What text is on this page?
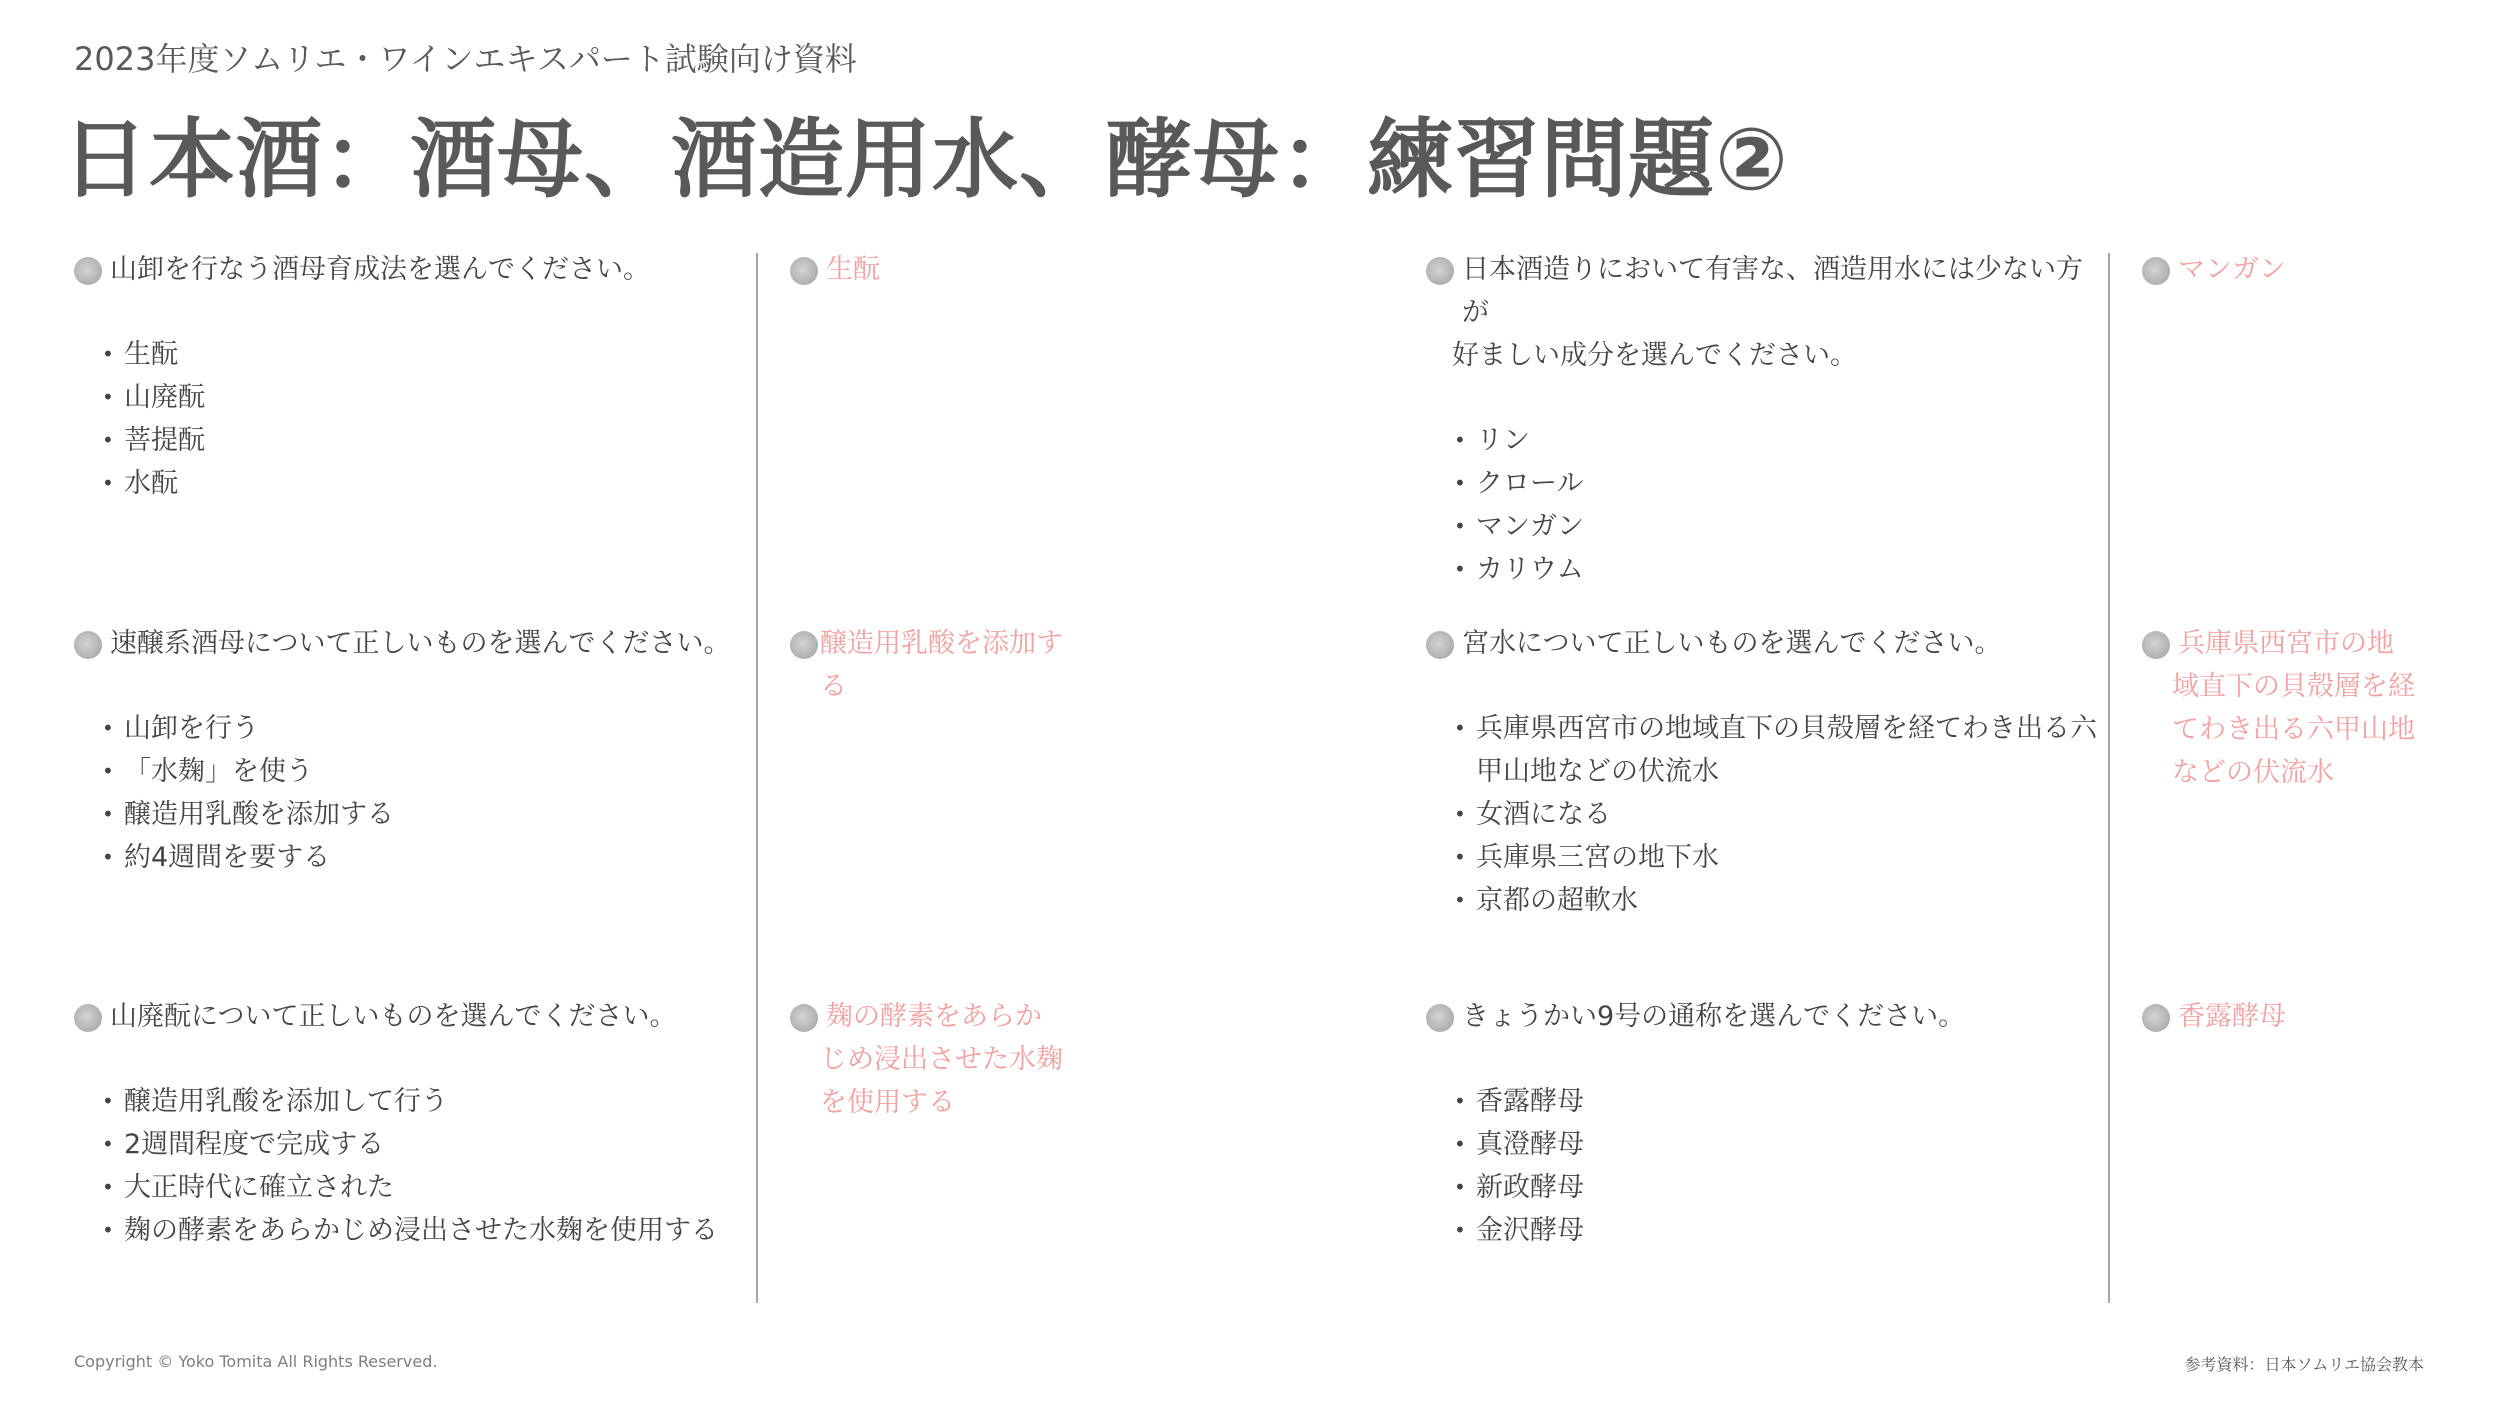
2023年度ソムリエ・ワインエキスパート試験向け資料
日本酒：酒母、酒造用水、酵母：練習問題②
山卸を行なう酒母育成法を選んでください。
• 生酛
• 山廃酛
• 菩提酛
• 水酛
生酛
速醸系酒母について正しいものを選んでください。
• 山卸を行う
• 「水麹」を使う
• 醸造用乳酸を添加する
• 約4週間を要する
醸造用乳酸を添加す
る
山廃酛について正しいものを選んでください。
• 醸造用乳酸を添加して行う
• 2週間程度で完成する
• 大正時代に確立された
• 麹の酵素をあらかじめ浸出させた水麹を使用する
麹の酵素をあらか
じめ浸出させた水麹
を使用する
日本酒造りにおいて有害な、酒造用水には少ない方が
好ましい成分を選んでください。
• リン
• クロール
• マンガン
• カリウム
マンガン
宮水について正しいものを選んでください。
• 兵庫県西宮市の地域直下の貝殻層を経てわき出る六
甲山地などの伏流水
• 女酒になる
• 兵庫県三宮の地下水
• 京都の超軟水
兵庫県西宮市の地
域直下の貝殻層を経
てわき出る六甲山地
などの伏流水
きょうかい9号の通称を選んでください。
• 香露酵母
• 真澄酵母
• 新政酵母
• 金沢酵母
香露酵母
Copyright © Yoko Tomita All Rights Reserved.	参考資料：日本ソムリエ協会教本
